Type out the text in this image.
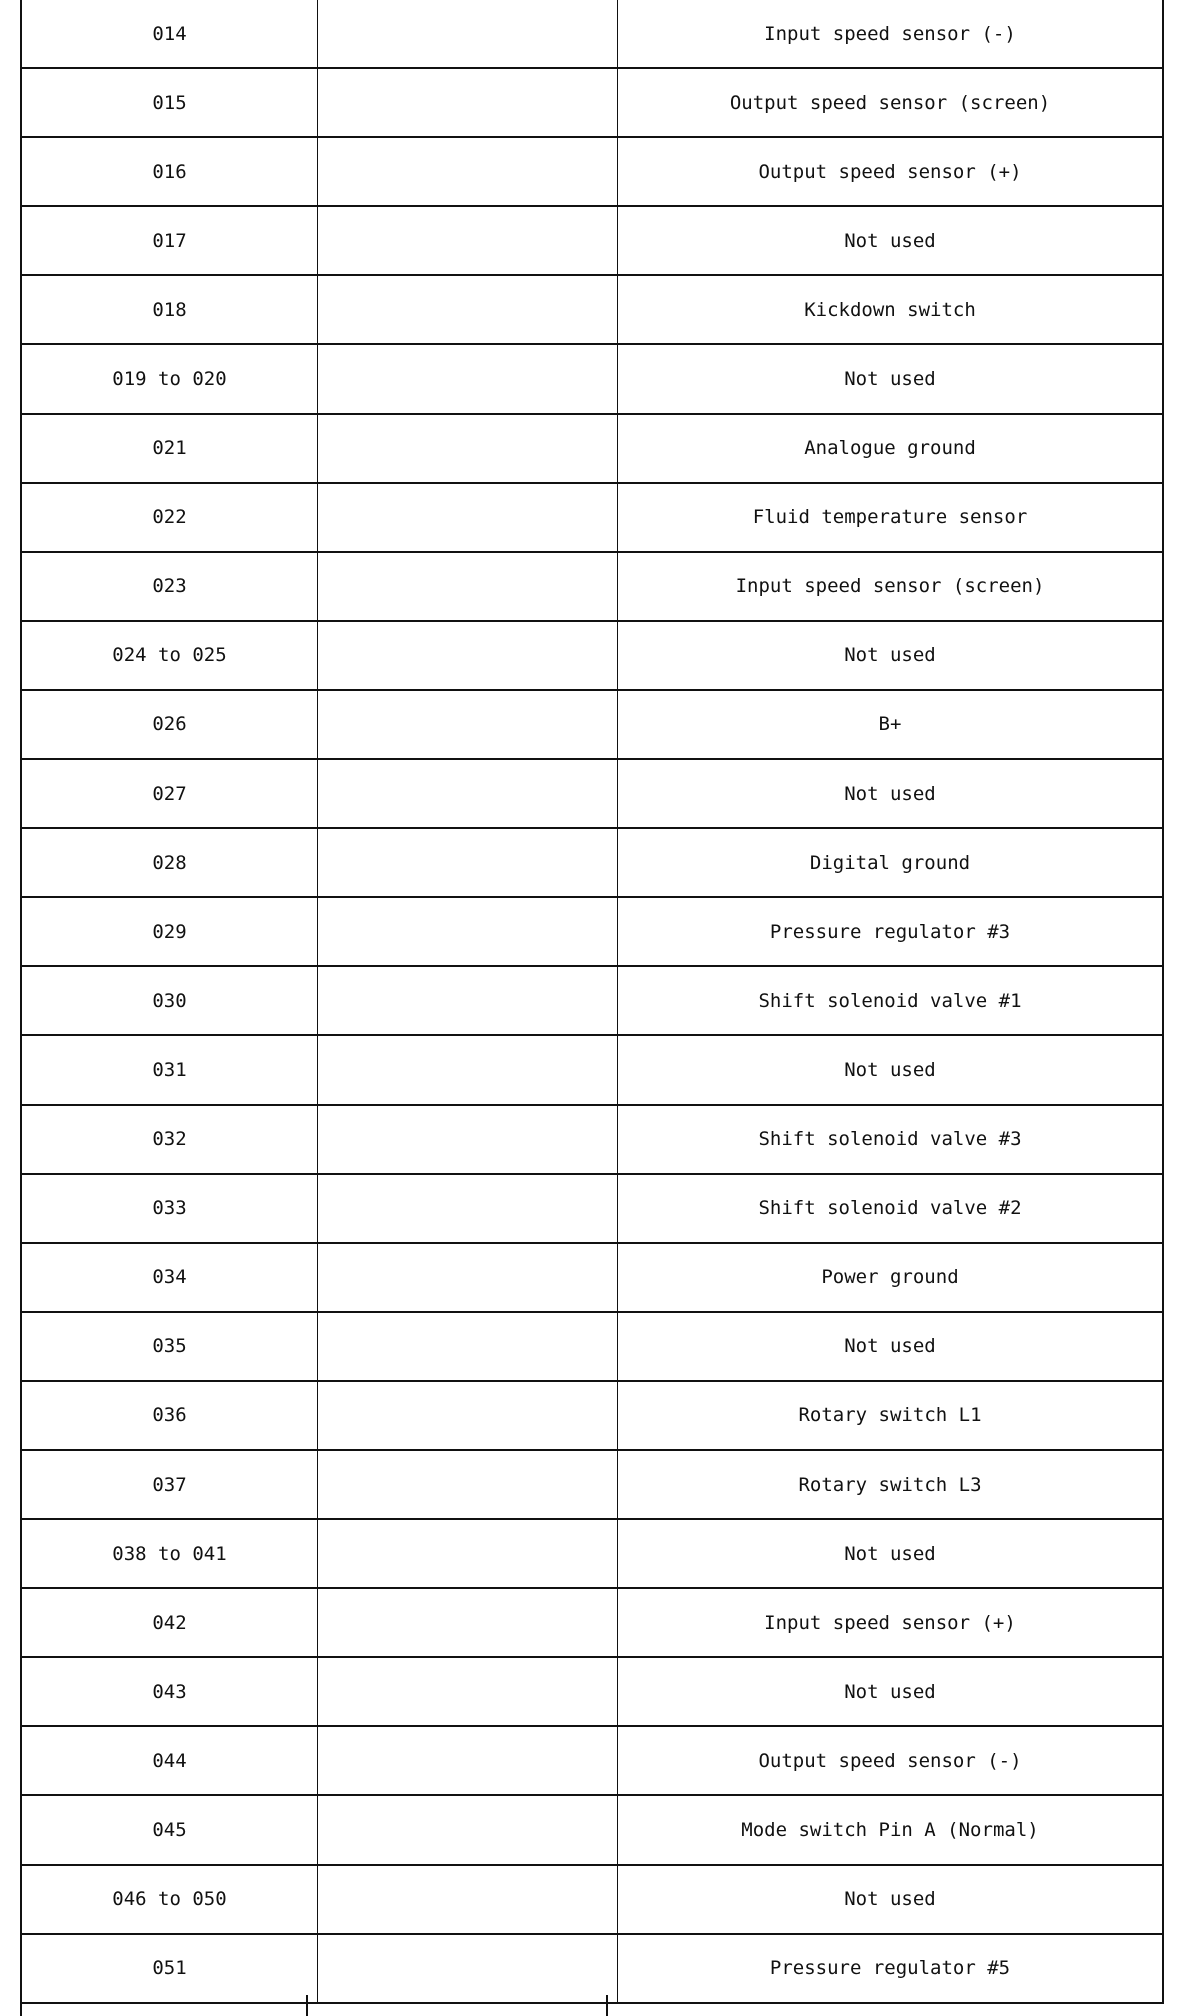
014	Input speed sensor (-)
015	Output speed sensor (screen)
016	Output speed sensor (+)
017	Not used
018	Kickdown switch
019 to 020	Not used
021	Analogue ground
022	Fluid temperature sensor
023	Input speed sensor (screen)
024 to 025	Not used
026	B+
027	Not used
028	Digital ground
029	Pressure regulator #3
030	Shift solenoid valve #1
031	Not used
032	Shift solenoid valve #3
033	Shift solenoid valve #2
034	Power ground
035	Not used
036	Rotary switch L1
037	Rotary switch L3
038 to 041	Not used
042	Input speed sensor (+)
043	Not used
044	Output speed sensor (-)
045	Mode switch Pin A (Normal)
046 to 050	Not used
051	Pressure regulator #5
